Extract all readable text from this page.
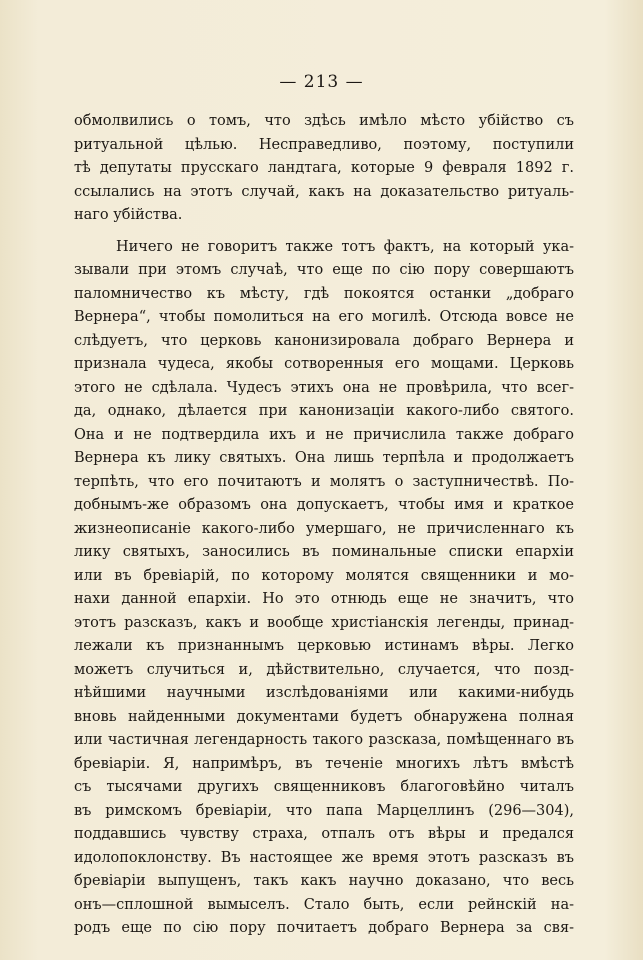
— 213 —
обмолвились о томъ, что здѣсь имѣло мѣсто убійство съ
ритуальной цѣлью. Несправедливо, поэтому, поступили
тѣ депутаты прусскаго ландтага, которые 9 февраля 1892 г.
ссылались на этотъ случай, какъ на доказательство ритуаль-
наго убійства.
Ничего не говоритъ также тотъ фактъ, на который ука-
зывали при этомъ случаѣ, что еще по сію пору совершаютъ
паломничество къ мѣсту, гдѣ покоятся останки „добраго
Вернера“, чтобы помолиться на его могилѣ. Отсюда вовсе не
слѣдуетъ, что церковь канонизировала добраго Вернера и
признала чудеса, якобы сотворенныя его мощами. Церковь
этого не сдѣлала. Чудесъ этихъ она не провѣрила, что всег-
да, однако, дѣлается при канонизаціи какого-либо святого.
Она и не подтвердила ихъ и не причислила также добраго
Вернера къ лику святыхъ. Она лишь терпѣла и продолжаетъ
терпѣть, что его почитаютъ и молятъ о заступничествѣ. По-
добнымъ-же образомъ она допускаетъ, чтобы имя и краткое
жизнеописаніе какого-либо умершаго, не причисленнаго къ
лику святыхъ, заносились въ поминальные списки епархіи
или въ бревіарій, по которому молятся священники и мо-
нахи данной епархіи. Но это отнюдь еще не значитъ, что
этотъ разсказъ, какъ и вообще христіанскія легенды, принад-
лежали къ признаннымъ церковью истинамъ вѣры. Легко
можетъ случиться и, дѣйствительно, случается, что позд-
нѣйшими научными изслѣдованіями или какими-нибудь
вновь найденными документами будетъ обнаружена полная
или частичная легендарность такого разсказа, помѣщеннаго въ
бревіаріи. Я, напримѣръ, въ теченіе многихъ лѣтъ вмѣстѣ
съ тысячами другихъ священниковъ благоговѣйно читалъ
въ римскомъ бревіаріи, что папа Марцеллинъ (296—304),
поддавшись чувству страха, отпалъ отъ вѣры и предался
идолопоклонству. Въ настоящее же время этотъ разсказъ въ
бревіаріи выпущенъ, такъ какъ научно доказано, что весь
онъ—сплошной вымыселъ. Стало быть, если рейнскій на-
родъ еще по сію пору почитаетъ добраго Вернера за свя-
